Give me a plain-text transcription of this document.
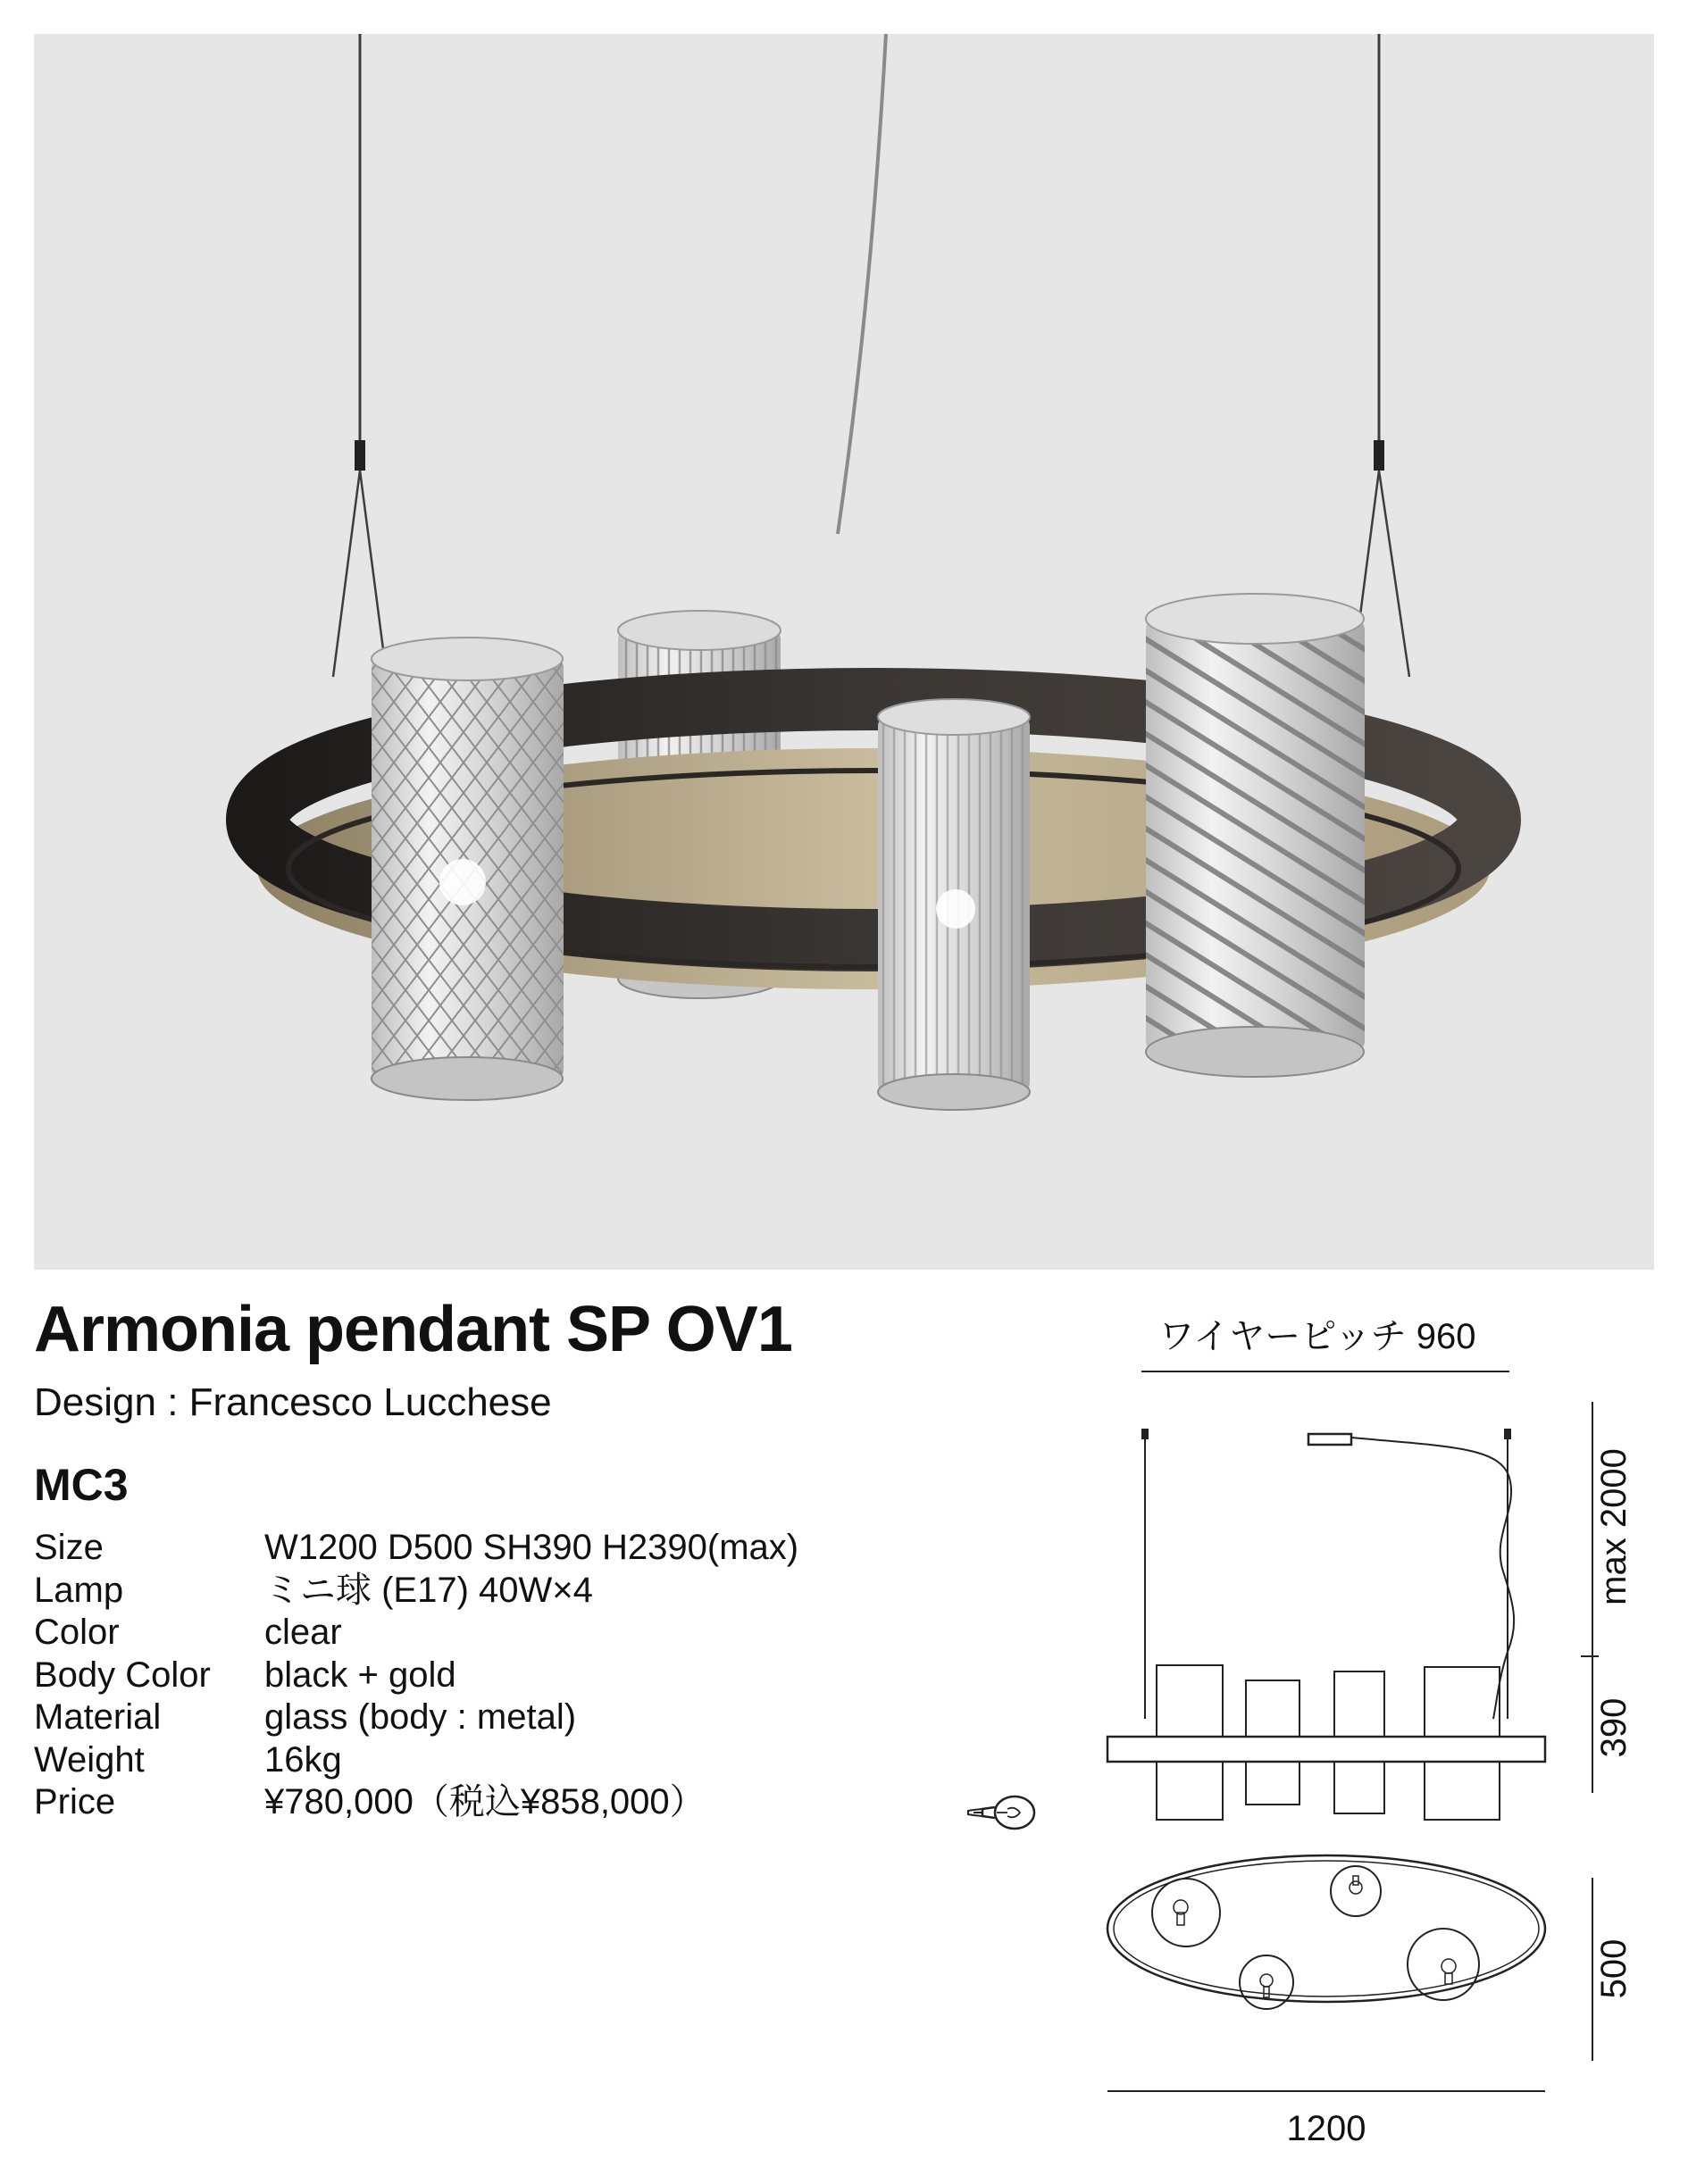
Armonia pendant SP OV1
Design : Francesco Lucchese
MC3
Size	W1200 D500 SH390 H2390(max)
Lamp	ミニ球 (E17) 40W×4
Color	clear
Body Color	black + gold
Material	glass (body : metal)
Weight	16kg
Price	¥780,000（税込¥858,000）
ワイヤーピッチ 960
max 2000
390
500
1200
